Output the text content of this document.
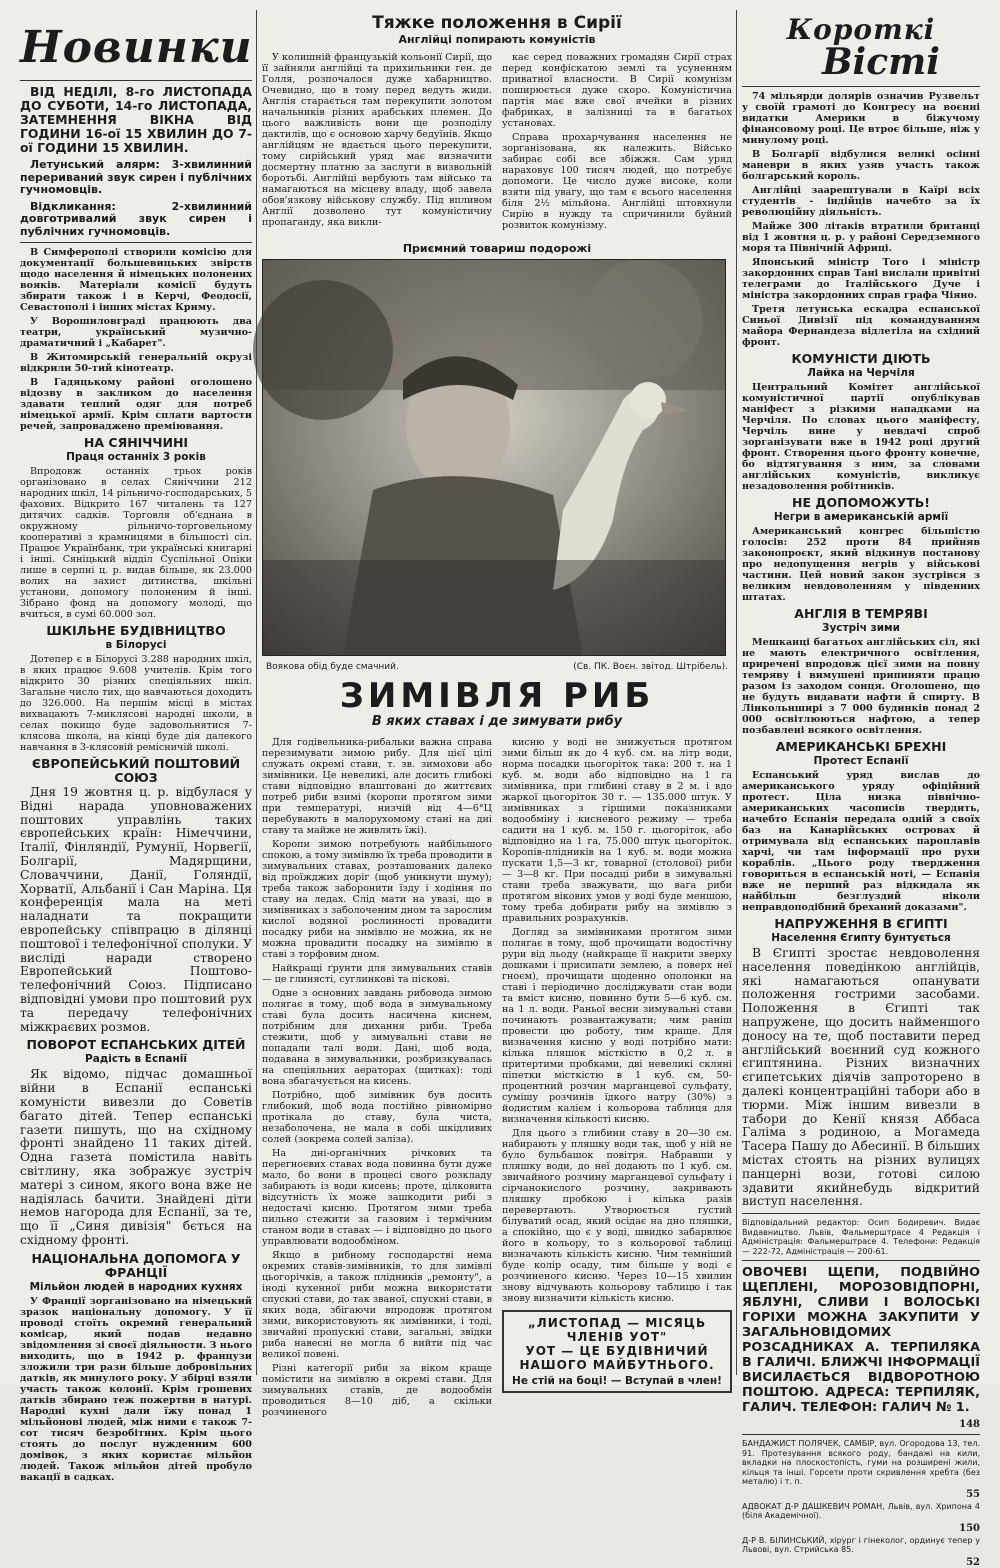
Новинки
ВІД НЕДІЛІ, 8-го ЛИСТОПАДА ДО СУБОТИ, 14-го ЛИСТОПАДА, ЗАТЕМНЕННЯ ВІКНА ВІД ГОДИНИ 16-ої 15 ХВИЛИН ДО 7-ої ГОДИНИ 15 ХВИЛИН.
Летунський алярм: 3-хвилинний перериваний звук сирен і публічних гучномовців.
Відкликання: 2-хвилинний довготривалий звук сирен і публічних гучномовців.

В Симферополі створили комісію для документації большевицьких звірств щодо населення й німецьких полонених вояків. Матеріали комісії будуть збирати також і в Керчі, Феодосії, Севастополі і інших містах Криму.

У Ворошиловграді працюють два театри, український музично-драматичний і „Кабарет".

В Житомирській генеральній окрузі відкрили 50-тий кінотеатр.

В Гадяцькому районі оголошено відозву в закликом до населення здавати теплий одяг для потреб німецької армії. Крім сплати вартости речей, запроваджено преміювання.

НА СЯНІЧЧИНІ
Праця останніх 3 років

Впродовж останніх трьох років організовано в селах Сяніччини 212 народних шкіл, 14 рільничо-господарських, 5 фахових. Відкрито 167 читалень та 127 дитячих садків. Торговля об'єднана в окружному рільничо-торговельному кооперативі з крамницями в більшості сіл. Працює Українбанк, три українські книгарні і інші. Сяніцький відділ Суспільної Опіки лише в серпні ц. р. видав більше, як 23.000 волих на захист дитинства, шкільні установи, допомогу полоненим й інші. Зібрано фонд на допомогу молоді, що вчиться, в сумі 60.000 зол.

ШКІЛЬНЕ БУДІВНИЦТВО
в Білорусі

Дотепер є в Білорусі 3.288 народних шкіл, в яких працює 9.608 учителів. Крім того відкрито 30 різних спеціяльних шкіл. Загальне число тих, що навчаються доходить до 326.000. На першім місці в містах вихвацають 7-миклясові народні школи, в селах покищо буде задовольнятися 7-клясова школа, на кінці буде дія далекого навчання в 3-клясовій ремісничій школі.

ЄВРОПЕЙСЬКИЙ ПОШТОВИЙ СОЮЗ

Дня 19 жовтня ц. р. відбулася у Відні нарада уповноважених поштових управлінь таких європейських країн: Німеччини, Італії, Фінляндії, Румунії, Норвегії, Болгарії, Мадярщини, Словаччини, Данії, Голяндії, Хорватії, Альбанії і Сан Маріна. Ця конференція мала на меті наладнати та покращити европейську співпрацю в ділянці поштової і телефонічної сполуки. У висліді наради створено Европейський Поштово-телефонічний Союз. Підписано відповідні умови про поштовий рух та передачу телефонічних міжкраєвих розмов.

ПОВОРОТ ЕСПАНСЬКИХ ДІТЕЙ
Радість в Еспанії

Як відомо, підчас домашньої війни в Еспанії еспанські комуністи вивезли до Советів багато дітей. Тепер еспанські газети пишуть, що на східному фронті знайдено 11 таких дітей. Одна газета помістила навіть світлину, яка зображує зустріч матері з сином, якого вона вже не надіялась бачити. Знайдені діти немов нагорода для Еспанії, за те, що її „Синя дивізія" бється на східному фронті.

НАЦІОНАЛЬНА ДОПОМОГА У ФРАНЦІЇ
Мільйон людей в народних кухнях

У Франції зорганізовано на німецький зразок національну допомогу. У її проводі стоїть окремий генеральний комісар, який подав недавно звідомлення зі своєї діяльности. З нього виходить, що в 1942 р. французи зложили три рази більше добровільних датків, як минулого року. У збірці взяли участь також колонії. Крім грошевих датків збирано теж пожертви в натурі. Народні кухні дали їжу понад 1 мільйонові людей, між ними є також 7-сот тисяч безробітних. Крім цього стоять до послуг нужденним 600 домівок, з яких користає мільйон людей. Також мільйон дітей пробуло вакації в садках.

Тяжке положення в Сирії
Англійці попирають комуністів

У колишній французькій кольонії Сирії, що її зайняли англійці та прихильники ген. де Голля, розпочалося дуже хабарництво. Очевидно, що в тому перед ведуть жиди. Англія старається там перекупити золотом начальників різних арабських племен. До цього важливість вони ще розподілу дактилів, що є основою харчу бедуїнів. Якщо англійцям не вдається цього перекупити, тому сирійський уряд має визначити досмертну платню за заслуги в визвольній боротьбі. Англійці вербують там військо та намагаються на місцеву владу, щоб завела обов'язкову військову службу. Під впливом Англії дозволено тут комуністичну пропаганду, яка викли-

кає серед поважних громадян Сирії страх перед конфіскатою землі та усуненням приватної власности. В Сирії комунізм поширюється дуже скоро. Комуністична партія має вже свої ячейки в різних фабриках, в залізниці та в багатьох установах.

Справа прохарчування населення не зорганізована, як належить. Військо забирає собі все збіжжя. Сам уряд нараховує 100 тисяч людей, що потребує допомоги. Це число дуже високе, коли взяти під увагу, що там є всього населення біля 2½ мільйона. Англійці штовхнули Сирію в нужду та спричинили буйний розвиток комунізму.

Приємний товариш подорожі
Воякова обід буде смачний.	(Св. ПК. Воєн. звітод. Штрібель).
ЗИМІВЛЯ РИБ
В яких ставах і де зимувати рибу

Для годівельника-рибальки важна справа перезимувати зимою рибу. Для цієї цілі служать окремі стави, т. зв. зимохови або зимівники. Це невеликі, але досить глибокі стави відповідно влаштовані до життєвих потреб риби взимі (коропи протягом зими при температурі, низчій від 4—6°Ц перебувають в малорухомому стані на дні ставу та майже не живлять їжі).

Коропи зимою потребують найбільшого спокою, а тому зимівлю їх треба проводити в зимувальних ставах, розташованих далеко від проїжджих доріг (щоб уникнути шуму); треба також заборонити їзду і ходіння по ставу на ледах. Слід мати на увазі, що в зимівниках з заболоченим дном та зарослим кислої водяної рослинності провадити посадку риби на зимівлю не можна, як не можна провадити посадку на зимівлю в ставі з торфовим дном.

Найкращі ґрунти для зимувальних ставів — це глинясті, суглинкові та піскові.

Одне з основних завдань рибовода зимою полягає в тому, щоб вода в зимувальному ставі була досить насичена киснем, потрібним для дихання риби. Треба стежити, щоб у зимувальні стави не попадали талі води. Дані, щоб вода, подавана в зимувальники, розбризкувалась на спеціяльних аераторах (щитках): тоді вона збагачується на кисень.

Потрібно, щоб зимівник був досить глибокий, щоб вода постійно рівномірно протікала до ставу, була чиста, незаболочена, не мала в собі шкідливих солей (зокрема солей заліза).

На дні-органічних річкових та перегноєвих ставах вода повинна бути дуже мало, бо вони в процесі свого розкладу забирають із води кисень; проте, цілковита відсутність їх може зашкодити рибі з недостачі кисню. Протягом зими треба пильно стежити за газовим і термічним станом води в ставах — і відповідно до цього управлювати водообміном.

Якщо в рибному господарстві нема окремих ставів-зимівників, то для зимівлі цьогорічків, а також плідників „ремонту", а іноді кухенної риби можна використати спускні стави, до так званої, спускні стави, в яких вода, збігаючи впродовж протягом зими, використовують як зимівники, і тоді, звичайні пропускні стави, загальні, звідки риба навесні не могла б вийти під час великої повені.

Різні категорії риби за віком краще помістити на зимівлю в окремі стави. Для зимувальних ставів, де водообмін проводиться 8—10 діб, а скільки розчиненого

кисню у воді не знижується протягом зими більш як до 4 куб. см. на літр води, норма посадки цьогоріток така: 200 т. на 1 куб. м. води або відповідно на 1 га зимівника, при глибині ставу в 2 м. і вдо жаркої цьогоріток 30 г. — 135.000 штук. У зимівниках з гіршими показниками водообміну і кисневого режиму — треба садити на 1 куб. м. 150 г. цьогоріток, або відповідно на 1 га, 75.000 штук цьогоріток. Коропів-плідників на 1 куб. м. води можна пускати 1,5—3 кг, товарної (столової) риби — 3—8 кг. При посадці риби в зимувальні стави треба зважувати, що вага риби протягом вікових умов у воді буде меншою, тому треба добирати рибу на зимівлю з правильних розрахунків.

Догляд за зимівниками протягом зими полягає в тому, щоб прочищати водостічну рури від льоду (найкраще її накрити зверху дошками і присипати землею, а поверх неї гноєм), прочищати щоденно ополонки на ставі і періодично досліджувати стан води та вміст кисню, повинно бути 5—6 куб. см. на 1 л. води. Раньої весни зимувальні стави починають розвантажувати; чим раніш провести цю роботу, тим краще. Для визначення кисню у воді потрібно мати: кілька пляшок місткістю в 0,2 л. в притертими пробками, дві невеликі скляні піпетки місткістю в 1 куб. см, 50-процентний розчин марганцевої сульфату, сумішу розчинів їдкого натру (30%) з йодистим калієм і кольорова таблиця для визначення кількості кисню.

Для цього з глибини ставу в 20—30 см. набирають у пляшку води так, щоб у ній не було бульбашок повітря. Набравши у пляшку води, до неї додають по 1 куб. см. звичайного розчину марганцевої сульфату і сірчанокислого розчину, закривають пляшку пробкою і кілька разів перевертають. Утворюється густий білуватий осад, який осідає на дно пляшки, а спокійно, що є у воді, швидко забарвлює його в кольору, то з кольорової таблиці визначають кількість кисню. Чим темніший буде колір осаду, тим більше у воді є розчиненого кисню. Через 10—15 хвилин знову відчувають кольорову таблицю і так знову визначити кількість кисню.

„ЛИСТОПАД — МІСЯЦЬ ЧЛЕНІВ УОТ"
УОТ — ЦЕ БУДІВНИЧИЙ
НАШОГО МАЙБУТНЬОГО.
Не стій на боці! — Вступай в член!
Короткі
Вісті

74 мільярди долярів означив Рузвельт у своїй грамоті до Конгресу на воєнні видатки Америки в біжучому фінансовому році. Це втроє більше, ніж у минулому році.

В Болгарії відбулися великі осінні маневри в яких узяв участь також болгарський король.

Англійці заарештували в Каїрі всіх студентів - індійців начебто за їх революційну діяльність.

Майже 300 літаків втратили британці від 1 жовтня ц. р. у районі Середземного моря та Північній Африці.

Японський міністр Того і міністр закордонних справ Тані вислали привітні телеграми до Італійського Дуче і міністра закордонних справ графа Чіяно.

Третя летунська ескадра еспанської Синьої Дивізії під командуванням майора Фернандеза відлетіла на східний фронт.

КОМУНІСТИ ДІЮТЬ
Лайка на Черчіля

Центральний Комітет англійської комуністичної партії опублікував маніфест з різкими нападками на Черчіля. По словах цього маніфесту, Черчіль вине у невдачі спроб зорганізувати вже в 1942 році другий фронт. Створення цього фронту конечне, бо відтягування з ним, за словами англійських комуністів, викликує незадоволення робітників.

НЕ ДОПОМОЖУТЬ!
Негри в американській армії

Американський конгрес більшістю голосів: 252 проти 84 прийняв законопроєкт, який відкинув постанову про недопущення негрів у військові частини. Цей новий закон зустрівся з великим невдоволенням у південних штатах.

АНГЛІЯ В ТЕМРЯВІ
Зустріч зими

Мешканці багатьох англійських сіл, які не мають електричного освітлення, приречені впродовж цієї зими на повну темряву і вимушені припиняти працю разом із заходом сонця. Оголошено, що не будуть видавати нафти й спирту. В Лінкольнширі з 7 000 будинків понад 2 000 освітлюються нафтою, а тепер позбавлені всякого освітлення.

АМЕРИКАНСЬКІ БРЕХНІ
Протест Еспанії

Еспанський уряд вислав до американського уряду офіційний протест. Ціла низка північно-американських часописів твердить, начебто Еспанія передала одній з своїх баз на Канарійських островах й отримувала від еспанських пароплавів харчі, чи там інформації про рухи кораблів. „Цього роду твердження говориться в еспанській ноті, — Еспанія вже не перший раз відкидала як найбільш безглуздий ніколи неправдоподібний бреханий доказами".

НАПРУЖЕННЯ В ЄГИПТІ
Населення Єгипту бунтується

В Єгипті зростає невдоволення населення поведінкою англійців, які намагаються опанувати положення гострими засобами. Положення в Єгипті так напружене, що досить найменшого доносу на те, щоб поставити перед англійський воєнний суд кожного єгиптянина. Різних визначних єгипетських діячів запроторено в далекі концентраційні табори або в тюрми. Між іншим вивезли в табори до Кенії князя Аббаса Галіма з родиною, а Могамеда Тасера Пашу до Абесинії. В більших містах стоять на різних вулицях панцерні вози, готові силою здавити якийнебудь відкритий виступ населення.

Відповідальний редактор: Осип Бодиревич. Видає Видавництво. Львів, Фальмерштрасе 4 Редакція і Адміністрація: Фальмерштрасе 4. Телефони: Редакція — 222-72, Адміністрація — 200-61.
ОВОЧЕВІ ЩЕПИ, ПОДВІЙНО ЩЕПЛЕНІ, МОРОЗОВІДПОРНІ, ЯБЛУНІ, СЛИВИ І ВОЛОСЬКІ ГОРІХИ МОЖНА ЗАКУПИТИ У ЗАГАЛЬНОВІДОМИХ РОЗСАДНИКАХ А. ТЕРПИЛЯКА В ГАЛИЧІ. БЛИЖЧІ ІНФОРМАЦІЇ ВИСИЛАЄТЬСЯ ВІДВОРОТНОЮ ПОШТОЮ. АДРЕСА: ТЕРПИЛЯК, ГАЛИЧ. ТЕЛЕФОН: ГАЛИЧ № 1.
148
БАНДАЖИСТ ПОЛЯЧЕК, САМБІР, вул. Огородова 13, тел. 91. Протезування всякого роду, бандажі на кили, вкладки на плоскостопість, гуми на розширені жили, кільця та інші. Горсети проти скривлення хребта (без металю) і т. п.
55
АДВОКАТ Д-Р ДАШКЕВИЧ РОМАН, Львів, вул. Хрипона 4 (біля Академічної).
150
Д-Р В. БІЛИНСЬКИЙ, хірург і гінеколог, ординує тепер у Львові, вул. Стрийська 85.
52
